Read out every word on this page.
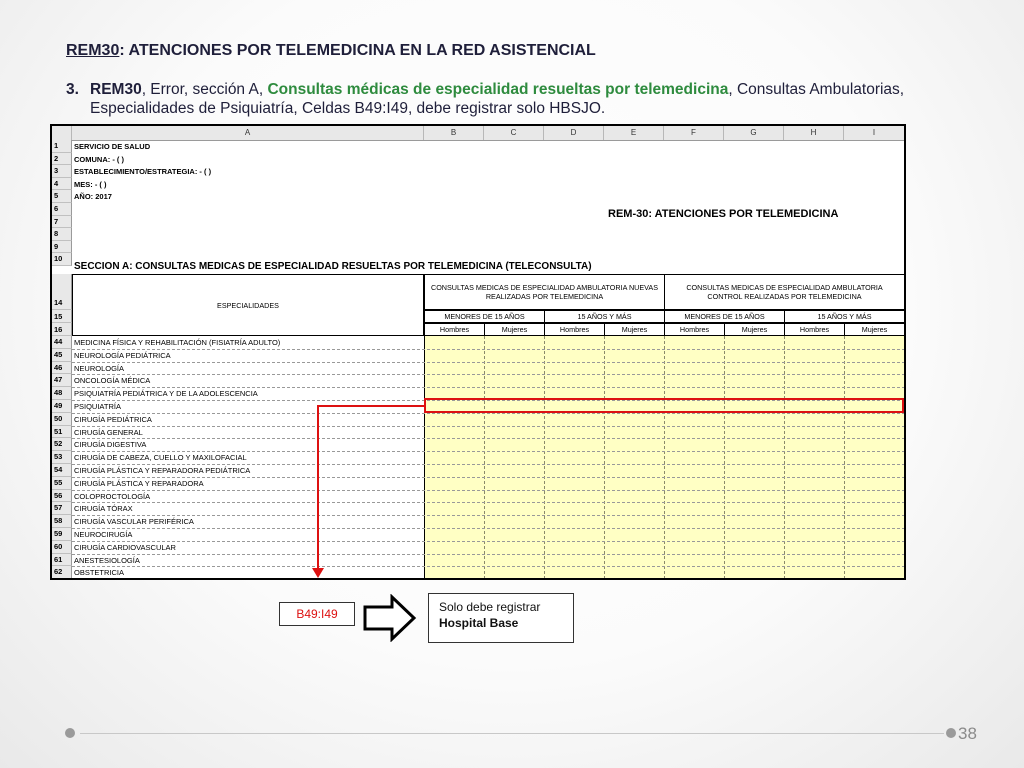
REM30: ATENCIONES POR TELEMEDICINA EN LA RED ASISTENCIAL
3. REM30, Error, sección A, Consultas médicas de especialidad resueltas por telemedicina, Consultas Ambulatorias,
Especialidades de Psiquiatría, Celdas B49:I49, debe registrar solo HBSJO.
A	B	C	D	E	F	G	H	I
1	SERVICIO DE SALUD
2	COMUNA: - ( )
3	ESTABLECIMIENTO/ESTRATEGIA: - ( )
4	MES: - ( )
5	AÑO: 2017
6
7
8
9
10
14
15
16
REM-30: ATENCIONES POR TELEMEDICINA
SECCION A: CONSULTAS MEDICAS DE ESPECIALIDAD RESUELTAS POR TELEMEDICINA (TELECONSULTA)
ESPECIALIDADES
CONSULTAS MEDICAS DE ESPECIALIDAD AMBULATORIA NUEVAS REALIZADAS POR TELEMEDICINA
CONSULTAS MEDICAS DE ESPECIALIDAD AMBULATORIA CONTROL REALIZADAS POR TELEMEDICINA
MENORES DE 15 AÑOS	15 AÑOS Y MÁS	MENORES DE 15 AÑOS	15 AÑOS Y MÁS
Hombres	Mujeres	Hombres	Mujeres	Hombres	Mujeres	Hombres	Mujeres
44	MEDICINA FÍSICA Y REHABILITACIÓN (FISIATRÍA ADULTO)
45	NEUROLOGÍA PEDIÁTRICA
46	NEUROLOGÍA
47	ONCOLOGÍA MÉDICA
48	PSIQUIATRÍA PEDIÁTRICA Y DE LA ADOLESCENCIA
49	PSIQUIATRÍA
50	CIRUGÍA PEDIÁTRICA
51	CIRUGÍA GENERAL
52	CIRUGÍA DIGESTIVA
53	CIRUGÍA DE CABEZA, CUELLO Y MAXILOFACIAL
54	CIRUGÍA PLÁSTICA Y REPARADORA PEDIÁTRICA
55	CIRUGÍA PLÁSTICA Y REPARADORA
56	COLOPROCTOLOGÍA
57	CIRUGÍA TÓRAX
58	CIRUGÍA VASCULAR PERIFÉRICA
59	NEUROCIRUGÍA
60	CIRUGÍA CARDIOVASCULAR
61	ANESTESIOLOGÍA
62	OBSTETRICIA
B49:I49	Solo debe registrar
Hospital Base
38
